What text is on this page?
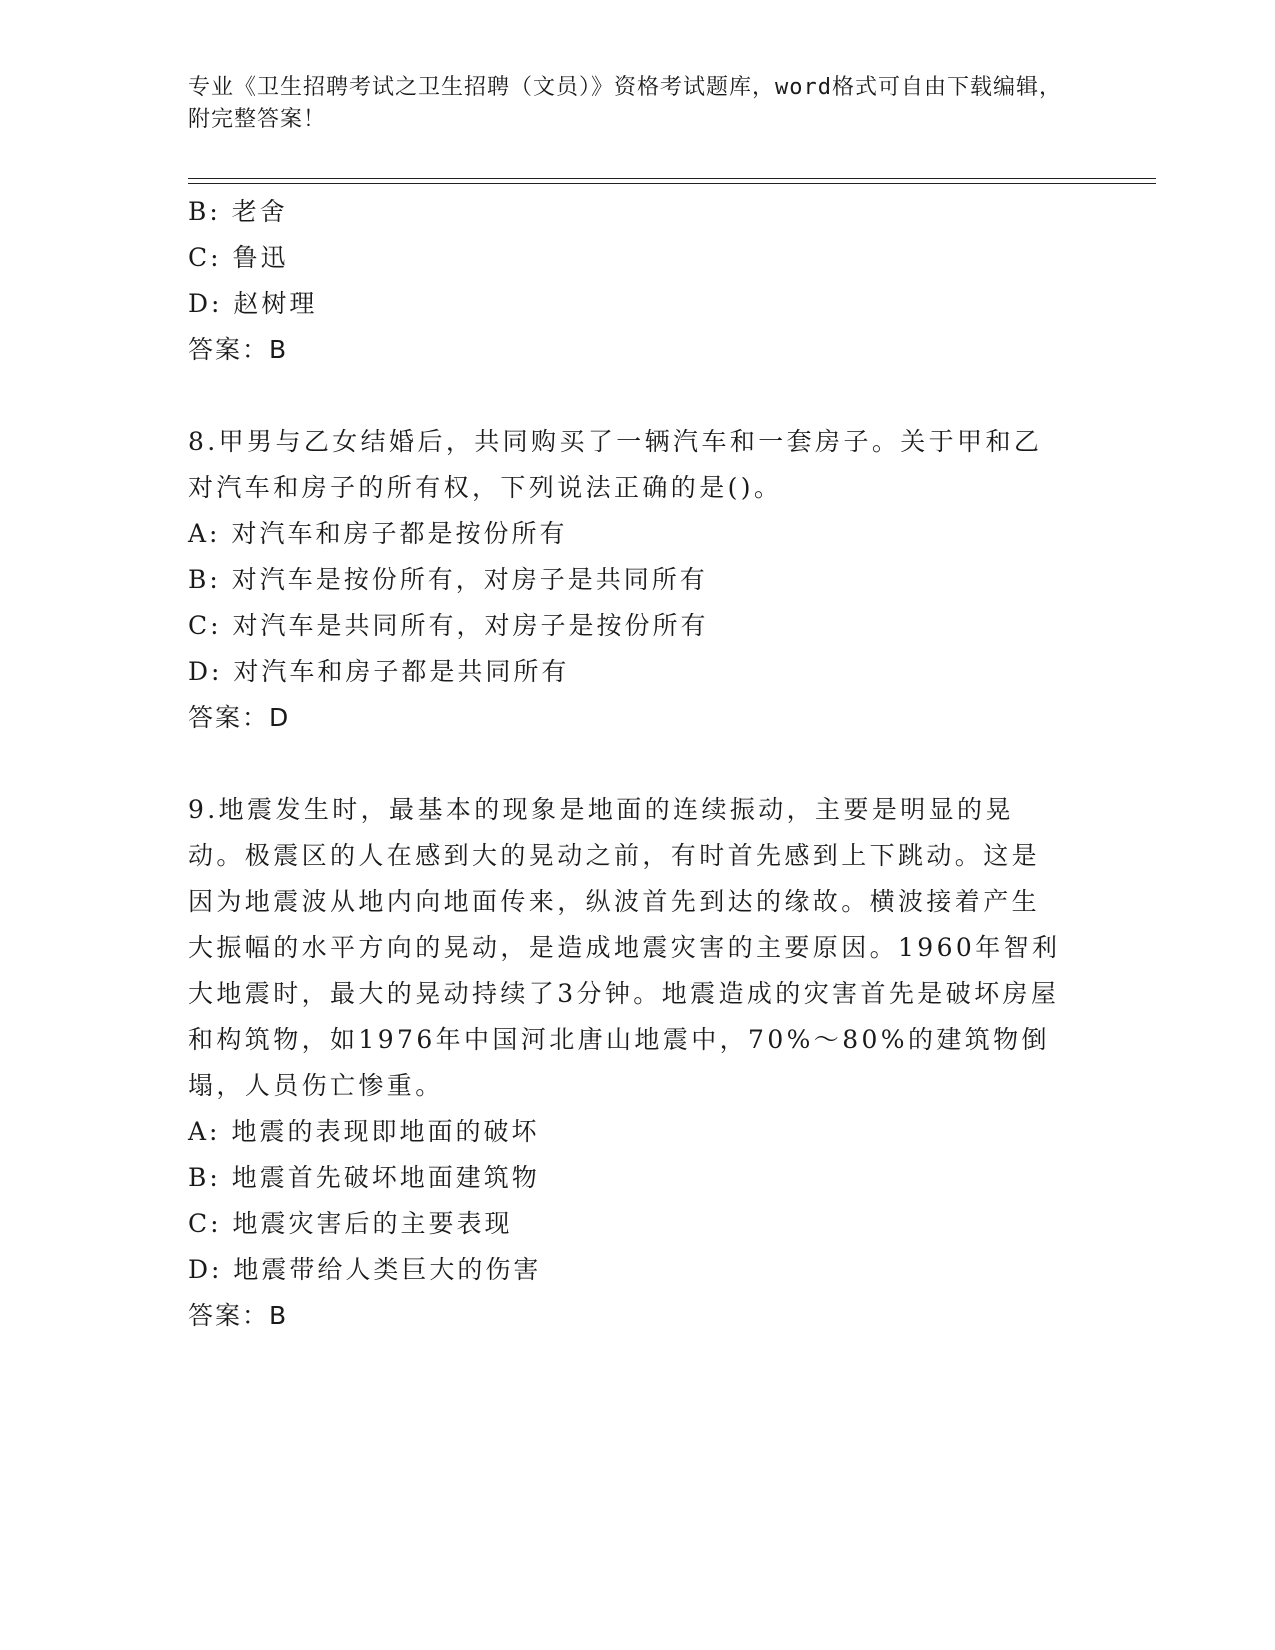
专业《卫生招聘考试之卫生招聘（文员）》资格考试题库，word格式可自由下载编辑，附完整答案！
B: 老舍
C: 鲁迅
D: 赵树理
答案：B
8.甲男与乙女结婚后，共同购买了一辆汽车和一套房子。关于甲和乙对汽车和房子的所有权，下列说法正确的是()。
A: 对汽车和房子都是按份所有
B: 对汽车是按份所有，对房子是共同所有
C: 对汽车是共同所有，对房子是按份所有
D: 对汽车和房子都是共同所有
答案：D
9.地震发生时，最基本的现象是地面的连续振动，主要是明显的晃动。极震区的人在感到大的晃动之前，有时首先感到上下跳动。这是因为地震波从地内向地面传来，纵波首先到达的缘故。横波接着产生大振幅的水平方向的晃动，是造成地震灾害的主要原因。1960年智利大地震时，最大的晃动持续了3分钟。地震造成的灾害首先是破坏房屋和构筑物，如1976年中国河北唐山地震中，70%～80%的建筑物倒塌，人员伤亡惨重。
A: 地震的表现即地面的破坏
B: 地震首先破坏地面建筑物
C: 地震灾害后的主要表现
D: 地震带给人类巨大的伤害
答案：B
